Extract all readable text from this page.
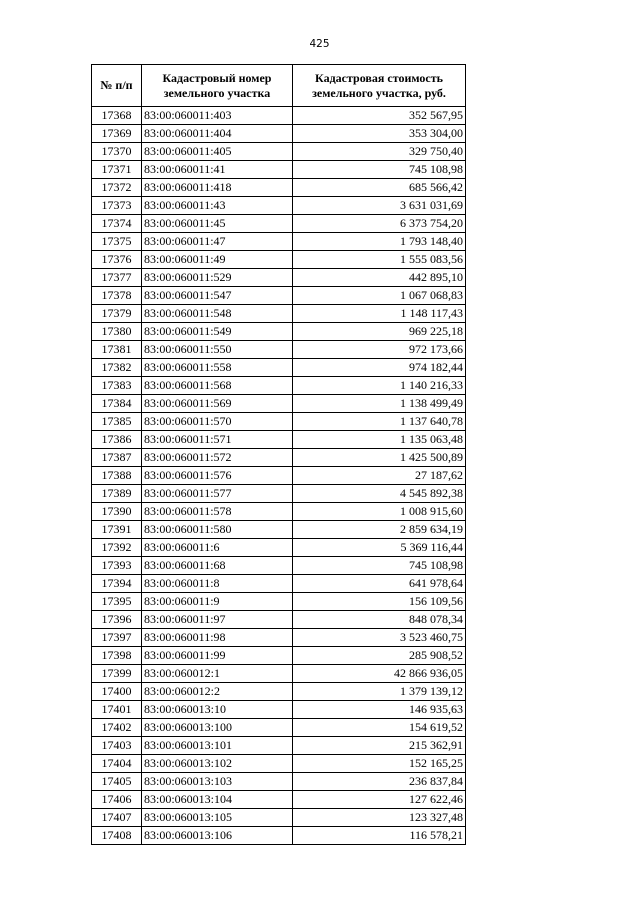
425
№ п/п	Кадастровый номер земельного участка	Кадастровая стоимость земельного участка, руб.
17368	83:00:060011:403	352 567,95
17369	83:00:060011:404	353 304,00
17370	83:00:060011:405	329 750,40
17371	83:00:060011:41	745 108,98
17372	83:00:060011:418	685 566,42
17373	83:00:060011:43	3 631 031,69
17374	83:00:060011:45	6 373 754,20
17375	83:00:060011:47	1 793 148,40
17376	83:00:060011:49	1 555 083,56
17377	83:00:060011:529	442 895,10
17378	83:00:060011:547	1 067 068,83
17379	83:00:060011:548	1 148 117,43
17380	83:00:060011:549	969 225,18
17381	83:00:060011:550	972 173,66
17382	83:00:060011:558	974 182,44
17383	83:00:060011:568	1 140 216,33
17384	83:00:060011:569	1 138 499,49
17385	83:00:060011:570	1 137 640,78
17386	83:00:060011:571	1 135 063,48
17387	83:00:060011:572	1 425 500,89
17388	83:00:060011:576	27 187,62
17389	83:00:060011:577	4 545 892,38
17390	83:00:060011:578	1 008 915,60
17391	83:00:060011:580	2 859 634,19
17392	83:00:060011:6	5 369 116,44
17393	83:00:060011:68	745 108,98
17394	83:00:060011:8	641 978,64
17395	83:00:060011:9	156 109,56
17396	83:00:060011:97	848 078,34
17397	83:00:060011:98	3 523 460,75
17398	83:00:060011:99	285 908,52
17399	83:00:060012:1	42 866 936,05
17400	83:00:060012:2	1 379 139,12
17401	83:00:060013:10	146 935,63
17402	83:00:060013:100	154 619,52
17403	83:00:060013:101	215 362,91
17404	83:00:060013:102	152 165,25
17405	83:00:060013:103	236 837,84
17406	83:00:060013:104	127 622,46
17407	83:00:060013:105	123 327,48
17408	83:00:060013:106	116 578,21
